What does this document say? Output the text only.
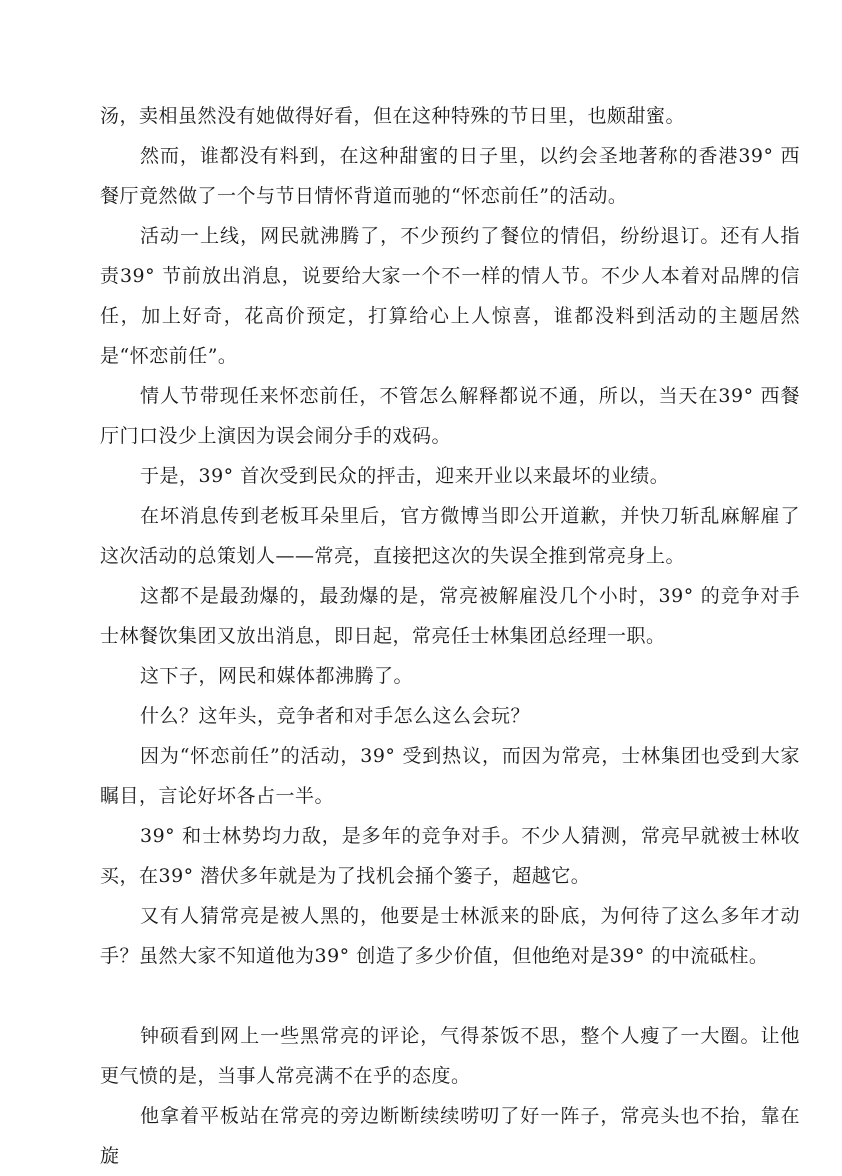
汤，卖相虽然没有她做得好看，但在这种特殊的节日里，也颇甜蜜。

然而，谁都没有料到，在这种甜蜜的日子里，以约会圣地著称的香港39° 西餐厅竟然做了一个与节日情怀背道而驰的“怀恋前任”的活动。

活动一上线，网民就沸腾了，不少预约了餐位的情侣，纷纷退订。还有人指责39° 节前放出消息，说要给大家一个不一样的情人节。不少人本着对品牌的信任，加上好奇，花高价预定，打算给心上人惊喜，谁都没料到活动的主题居然是“怀恋前任”。

情人节带现任来怀恋前任，不管怎么解释都说不通，所以，当天在39° 西餐厅门口没少上演因为误会闹分手的戏码。

于是，39° 首次受到民众的抨击，迎来开业以来最坏的业绩。

在坏消息传到老板耳朵里后，官方微博当即公开道歉，并快刀斩乱麻解雇了这次活动的总策划人——常亮，直接把这次的失误全推到常亮身上。

这都不是最劲爆的，最劲爆的是，常亮被解雇没几个小时，39° 的竞争对手士林餐饮集团又放出消息，即日起，常亮任士林集团总经理一职。

这下子，网民和媒体都沸腾了。

什么？这年头，竞争者和对手怎么这么会玩？

因为“怀恋前任”的活动，39° 受到热议，而因为常亮，士林集团也受到大家瞩目，言论好坏各占一半。

39° 和士林势均力敌，是多年的竞争对手。不少人猜测，常亮早就被士林收买，在39° 潜伏多年就是为了找机会捅个篓子，超越它。

又有人猜常亮是被人黑的，他要是士林派来的卧底，为何待了这么多年才动手？虽然大家不知道他为39° 创造了多少价值，但他绝对是39° 的中流砥柱。

钟硕看到网上一些黑常亮的评论，气得茶饭不思，整个人瘦了一大圈。让他更气愤的是，当事人常亮满不在乎的态度。

他拿着平板站在常亮的旁边断断续续唠叨了好一阵子，常亮头也不抬，靠在旋
